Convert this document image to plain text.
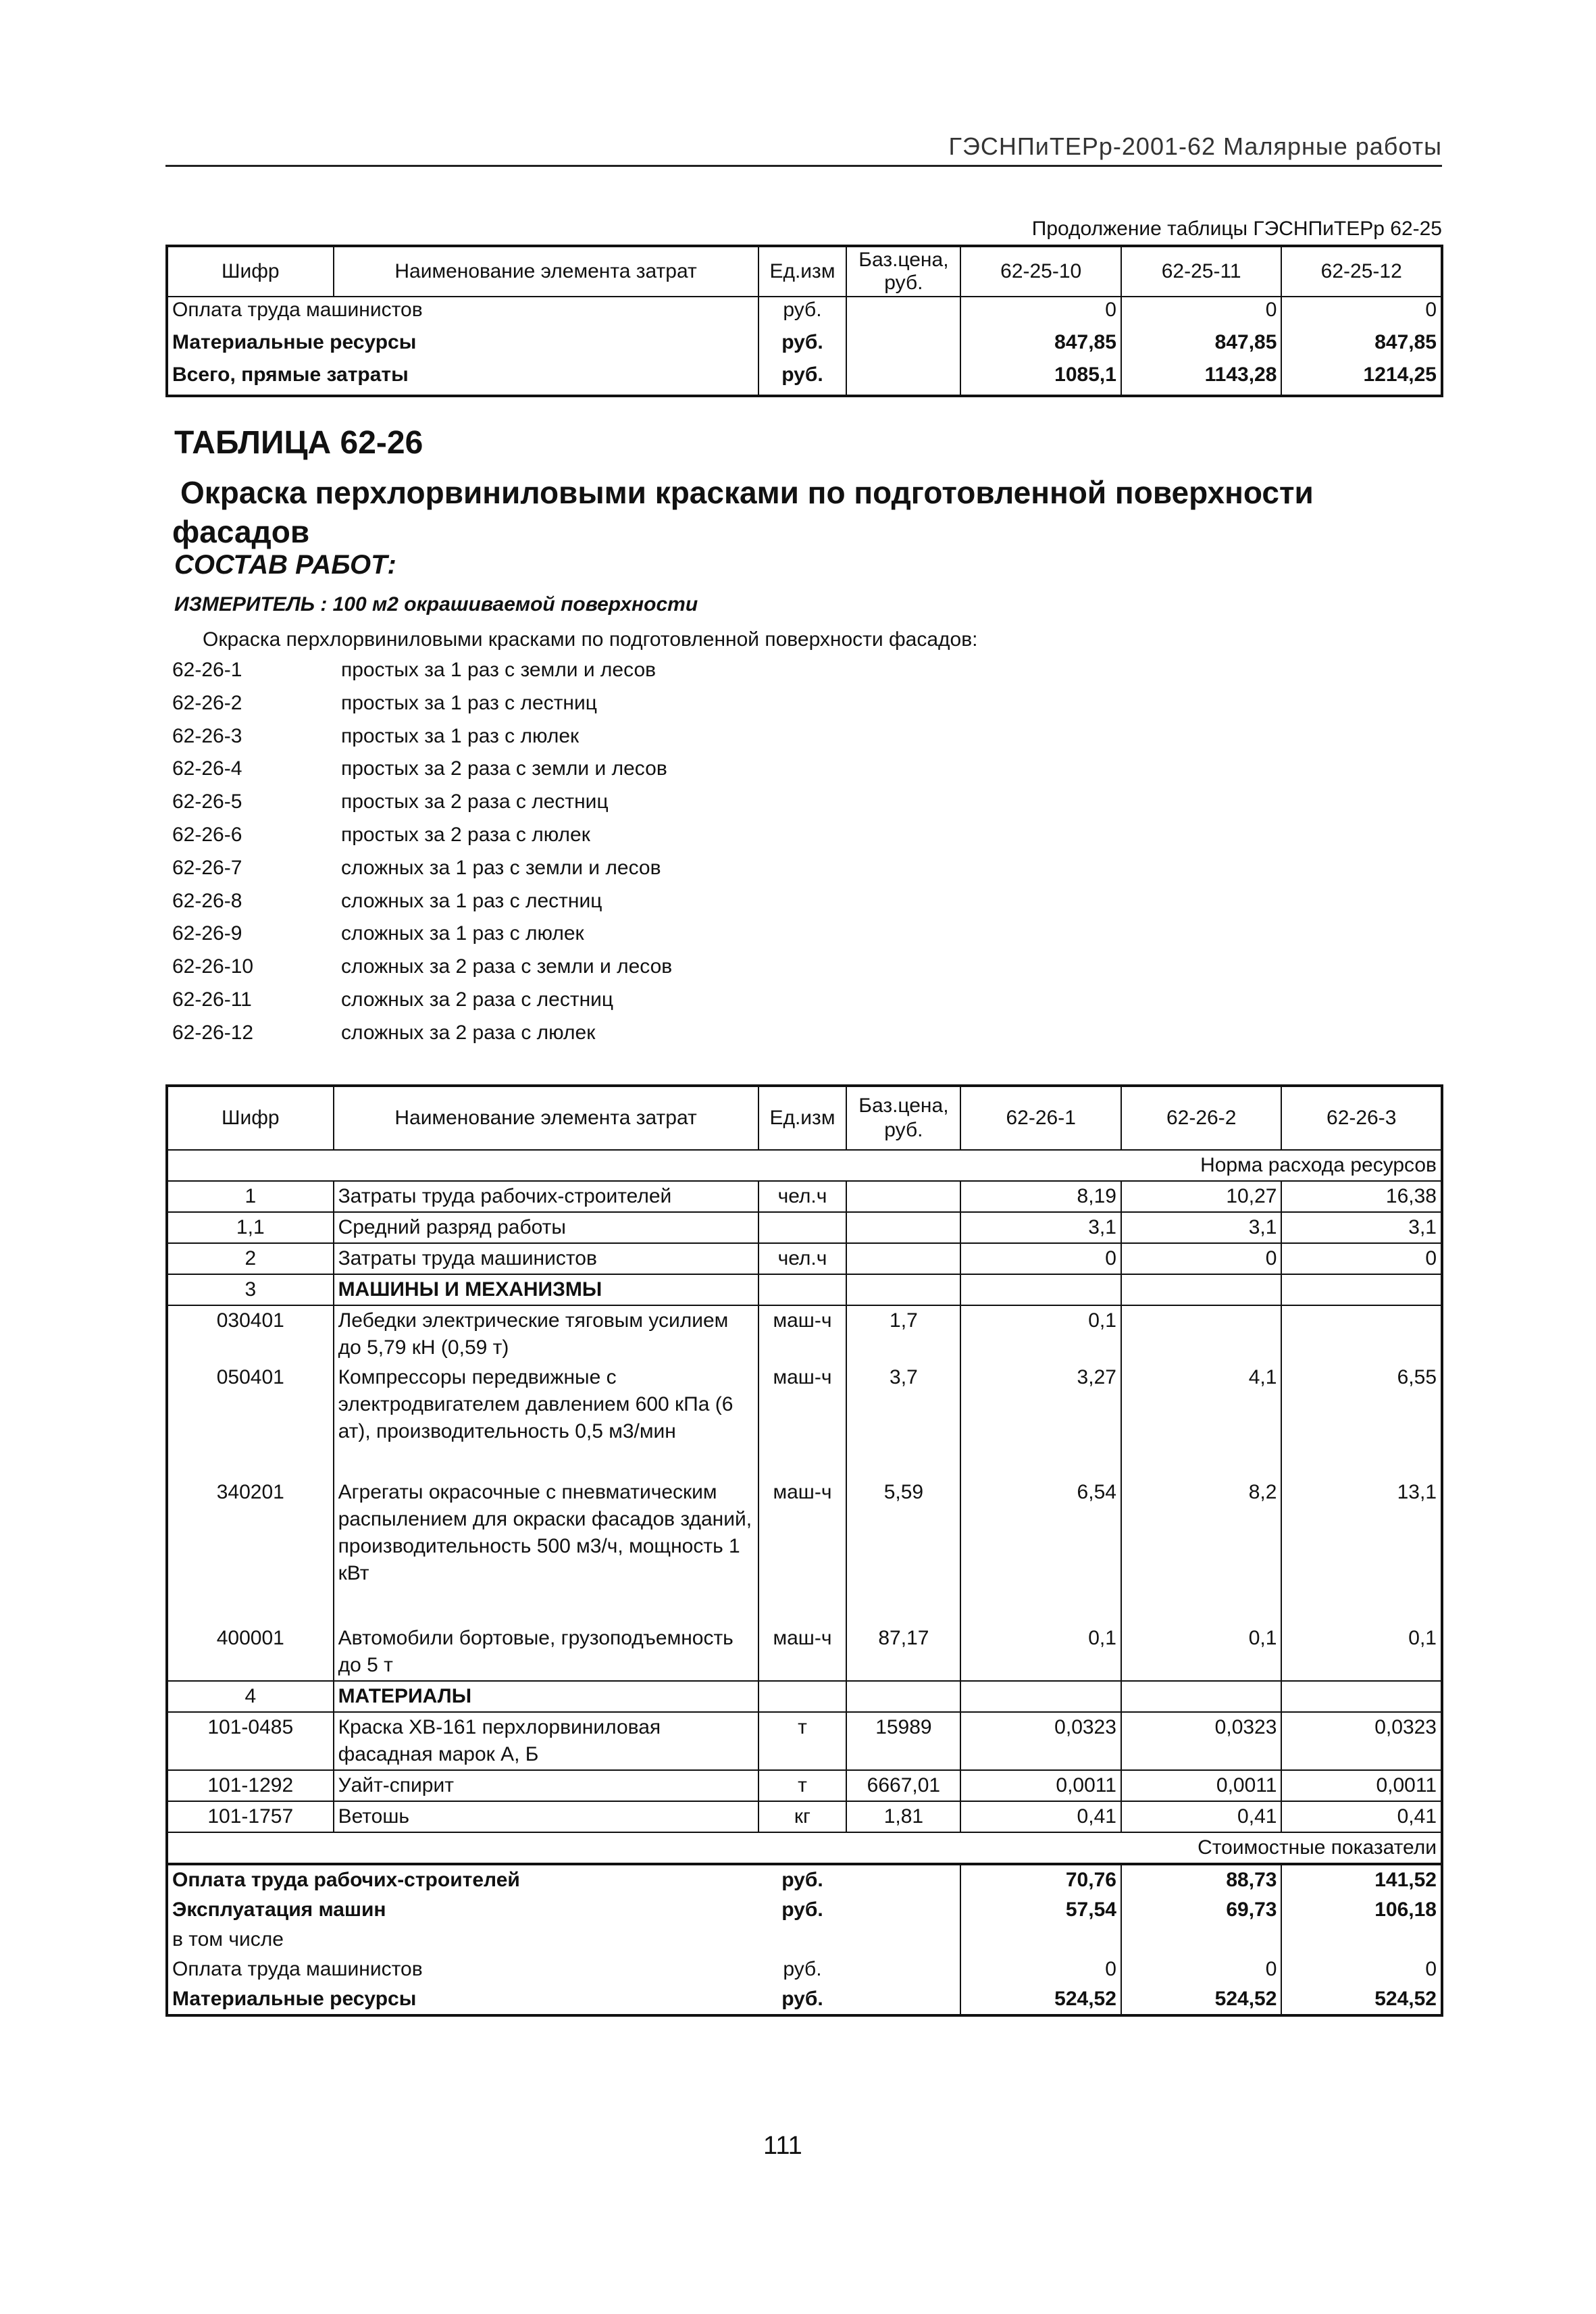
ГЭСНПиТЕРр-2001-62 Малярные работы
Продолжение таблицы ГЭСНПиТЕРр 62-25
Шифр	Наименование элемента затрат	Ед.изм	Баз.цена, руб.	62-25-10	62-25-11	62-25-12
Оплата труда машинистов		руб.		0	0	0
Материальные ресурсы		руб.		847,85	847,85	847,85
Всего, прямые затраты		руб.		1085,1	1143,28	1214,25
ТАБЛИЦА 62-26

Окраска перхлорвиниловыми красками по подготовленной поверхности
фасадов

СОСТАВ РАБОТ:
ИЗМЕРИТЕЛЬ : 100 м2 окрашиваемой поверхности
Окраска перхлорвиниловыми красками по подготовленной поверхности фасадов:
62-26-1	простых за 1 раз с земли и лесов
62-26-2	простых за 1 раз с лестниц
62-26-3	простых за 1 раз с люлек
62-26-4	простых за 2 раза с земли и лесов
62-26-5	простых за 2 раза с лестниц
62-26-6	простых за 2 раза с люлек
62-26-7	сложных за 1 раз с земли и лесов
62-26-8	сложных за 1 раз с лестниц
62-26-9	сложных за 1 раз с люлек
62-26-10	сложных за 2 раза с земли и лесов
62-26-11	сложных за 2 раза с лестниц
62-26-12	сложных за 2 раза с люлек
Шифр	Наименование элемента затрат	Ед.изм	Баз.цена, руб.	62-26-1	62-26-2	62-26-3
Норма расхода ресурсов						
1	Затраты труда рабочих-строителей	чел.ч		8,19	10,27	16,38
1,1	Средний разряд работы			3,1	3,1	3,1
2	Затраты труда машинистов	чел.ч		0	0	0
3	МАШИНЫ И МЕХАНИЗМЫ					
030401	Лебедки электрические тяговым усилием до 5,79 кН (0,59 т)	маш-ч	1,7	0,1		
050401	Компрессоры передвижные с электродвигателем давлением 600 кПа (6 ат), производительность 0,5 м3/мин	маш-ч	3,7	3,27	4,1	6,55
340201	Агрегаты окрасочные с пневматическим распылением для окраски фасадов зданий, производительность 500 м3/ч, мощность 1 кВт	маш-ч	5,59	6,54	8,2	13,1
400001	Автомобили бортовые, грузоподъемность до 5 т	маш-ч	87,17	0,1	0,1	0,1
4	МАТЕРИАЛЫ					
101-0485	Краска ХВ-161 перхлорвиниловая фасадная марок А, Б	т	15989	0,0323	0,0323	0,0323
101-1292	Уайт-спирит	т	6667,01	0,0011	0,0011	0,0011
101-1757	Ветошь	кг	1,81	0,41	0,41	0,41
Стоимостные показатели						
Оплата труда рабочих-строителей		руб.		70,76	88,73	141,52
Эксплуатация машин		руб.		57,54	69,73	106,18
в том числе						
Оплата труда машинистов		руб.		0	0	0
Материальные ресурсы		руб.		524,52	524,52	524,52
111
